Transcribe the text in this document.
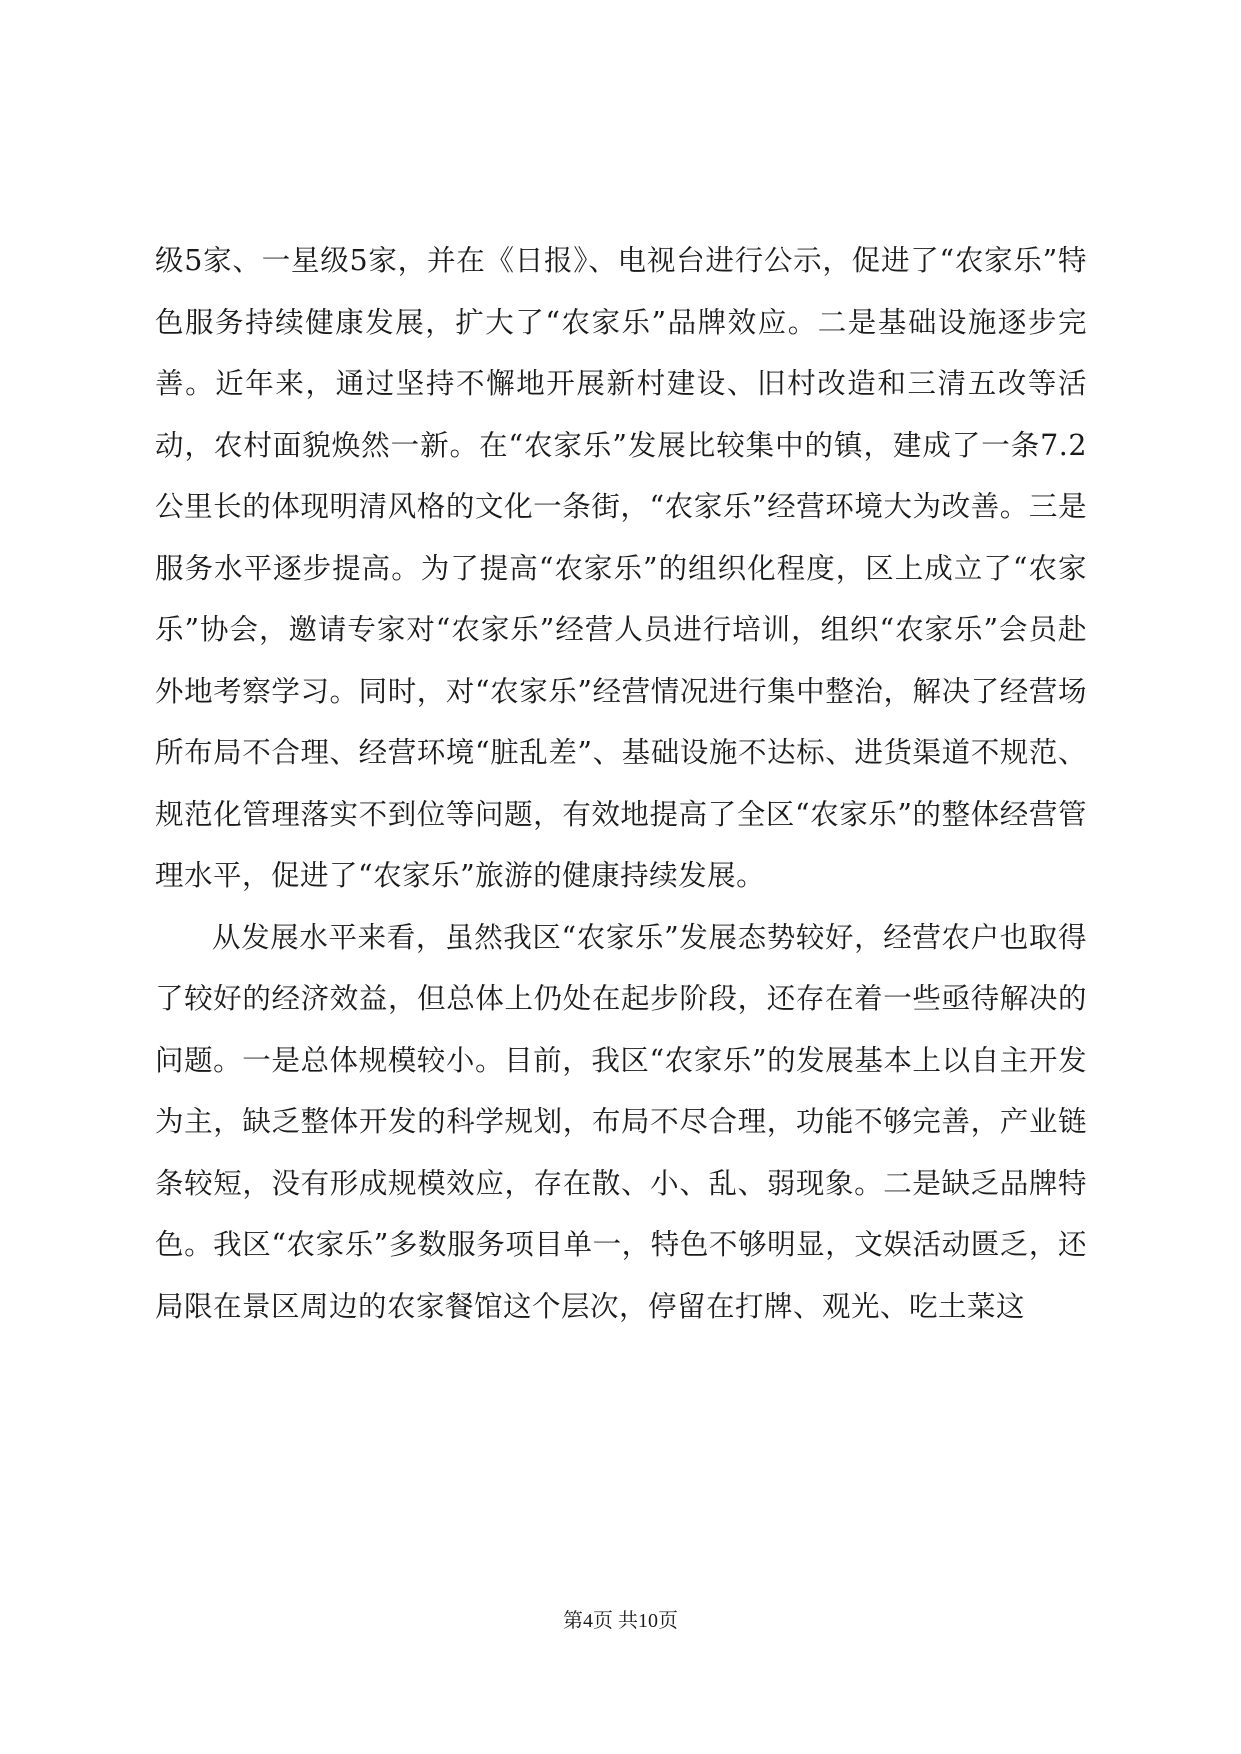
级5家、一星级5家，并在《日报》、电视台进行公示，促进了“农家乐”特色服务持续健康发展，扩大了“农家乐”品牌效应。二是基础设施逐步完善。近年来，通过坚持不懈地开展新村建设、旧村改造和三清五改等活动，农村面貌焕然一新。在“农家乐”发展比较集中的镇，建成了一条7.2公里长的体现明清风格的文化一条街，“农家乐”经营环境大为改善。三是服务水平逐步提高。为了提高“农家乐”的组织化程度，区上成立了“农家乐”协会，邀请专家对“农家乐”经营人员进行培训，组织“农家乐”会员赴外地考察学习。同时，对“农家乐”经营情况进行集中整治，解决了经营场所布局不合理、经营环境“脏乱差”、基础设施不达标、进货渠道不规范、规范化管理落实不到位等问题，有效地提高了全区“农家乐”的整体经营管理水平，促进了“农家乐”旅游的健康持续发展。

从发展水平来看，虽然我区“农家乐”发展态势较好，经营农户也取得了较好的经济效益，但总体上仍处在起步阶段，还存在着一些亟待解决的问题。一是总体规模较小。目前，我区“农家乐”的发展基本上以自主开发为主，缺乏整体开发的科学规划，布局不尽合理，功能不够完善，产业链条较短，没有形成规模效应，存在散、小、乱、弱现象。二是缺乏品牌特色。我区“农家乐”多数服务项目单一，特色不够明显，文娱活动匮乏，还局限在景区周边的农家餐馆这个层次，停留在打牌、观光、吃土菜这

第4页 共10页
